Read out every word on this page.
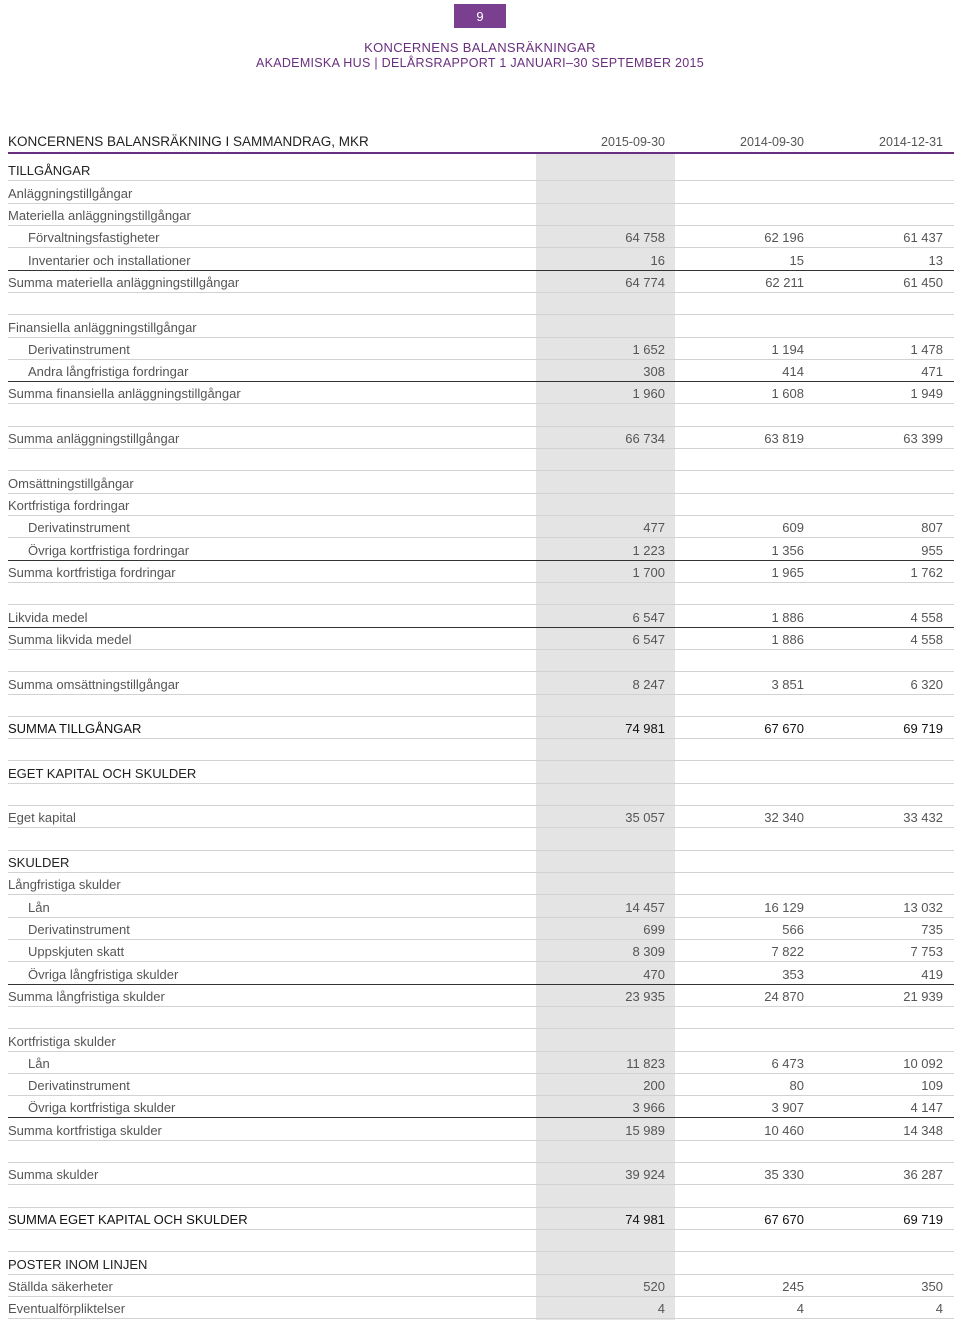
9
KONCERNENS BALANSRÄKNINGAR
AKADEMISKA HUS | DELÅRSRAPPORT 1 JANUARI–30 SEPTEMBER 2015
KONCERNENS BALANSRÄKNING I SAMMANDRAG, MKR	2015-09-30	2014-09-30	2014-12-31
TILLGÅNGAR
Anläggningstillgångar
Materiella anläggningstillgångar
Förvaltningsfastigheter	64 758	62 196	61 437
Inventarier och installationer	16	15	13
Summa materiella anläggningstillgångar	64 774	62 211	61 450
Finansiella anläggningstillgångar
Derivatinstrument	1 652	1 194	1 478
Andra långfristiga fordringar	308	414	471
Summa finansiella anläggningstillgångar	1 960	1 608	1 949
Summa anläggningstillgångar	66 734	63 819	63 399
Omsättningstillgångar
Kortfristiga fordringar
Derivatinstrument	477	609	807
Övriga kortfristiga fordringar	1 223	1 356	955
Summa kortfristiga fordringar	1 700	1 965	1 762
Likvida medel	6 547	1 886	4 558
Summa likvida medel	6 547	1 886	4 558
Summa omsättningstillgångar	8 247	3 851	6 320
SUMMA TILLGÅNGAR	74 981	67 670	69 719
EGET KAPITAL OCH SKULDER
Eget kapital	35 057	32 340	33 432
SKULDER
Långfristiga skulder
Lån	14 457	16 129	13 032
Derivatinstrument	699	566	735
Uppskjuten skatt	8 309	7 822	7 753
Övriga långfristiga skulder	470	353	419
Summa långfristiga skulder	23 935	24 870	21 939
Kortfristiga skulder
Lån	11 823	6 473	10 092
Derivatinstrument	200	80	109
Övriga kortfristiga skulder	3 966	3 907	4 147
Summa kortfristiga skulder	15 989	10 460	14 348
Summa skulder	39 924	35 330	36 287
SUMMA EGET KAPITAL OCH SKULDER	74 981	67 670	69 719
POSTER INOM LINJEN
Ställda säkerheter	520	245	350
Eventualförpliktelser	4	4	4
